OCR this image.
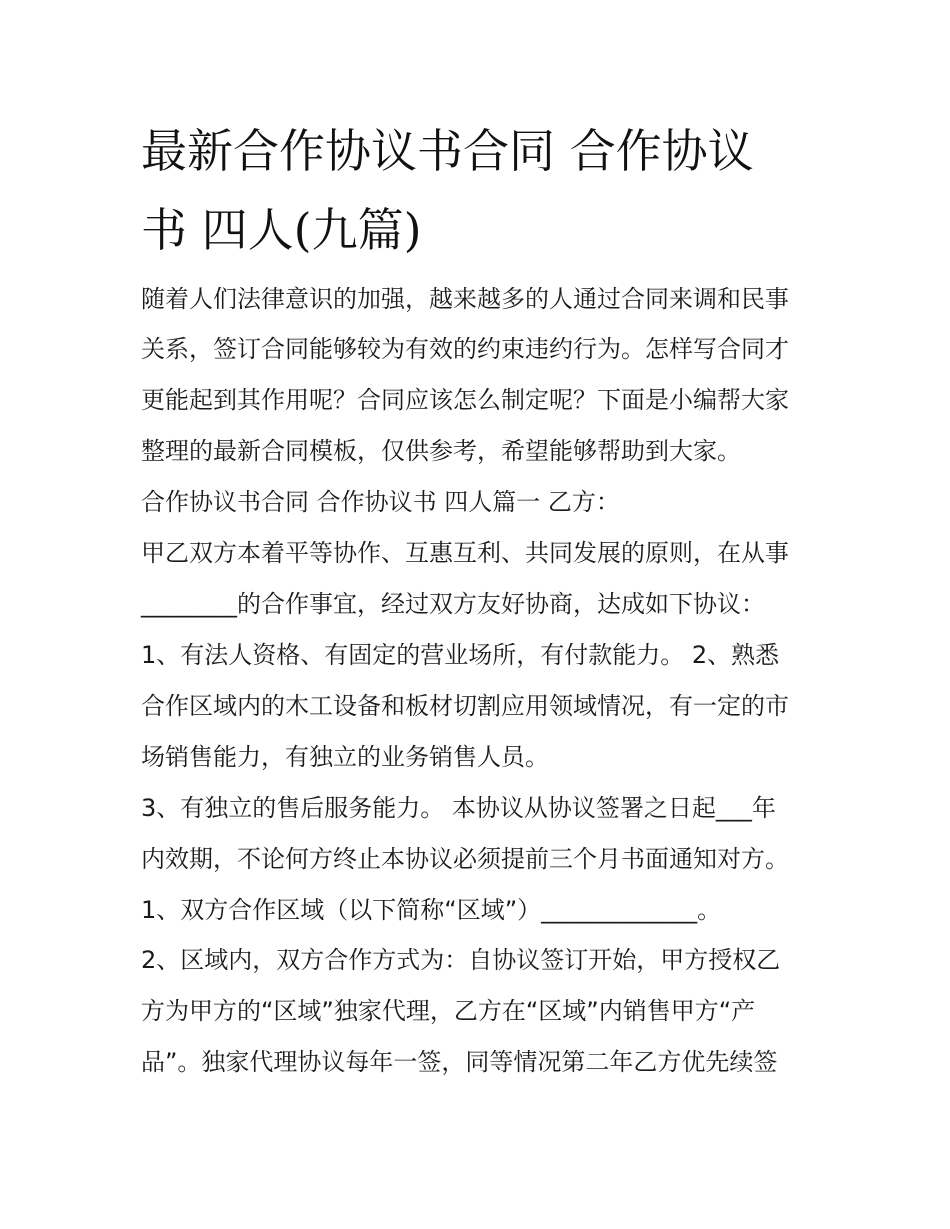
最新合作协议书合同 合作协议
书 四人(九篇)

随着人们法律意识的加强，越来越多的人通过合同来调和民事

关系，签订合同能够较为有效的约束违约行为。怎样写合同才

更能起到其作用呢？合同应该怎么制定呢？下面是小编帮大家

整理的最新合同模板，仅供参考，希望能够帮助到大家。

合作协议书合同 合作协议书 四人篇一 乙方：

甲乙双方本着平等协作、互惠互利、共同发展的原则，在从事

________的合作事宜，经过双方友好协商，达成如下协议：

1、有法人资格、有固定的营业场所，有付款能力。 2、熟悉

合作区域内的木工设备和板材切割应用领域情况，有一定的市

场销售能力，有独立的业务销售人员。

3、有独立的售后服务能力。 本协议从协议签署之日起___年

内效期，不论何方终止本协议必须提前三个月书面通知对方。

1、双方合作区域（以下简称“区域”）_____________。

2、区域内，双方合作方式为：自协议签订开始，甲方授权乙

方为甲方的“区域”独家代理，乙方在“区域”内销售甲方“产

品”。独家代理协议每年一签，同等情况第二年乙方优先续签
